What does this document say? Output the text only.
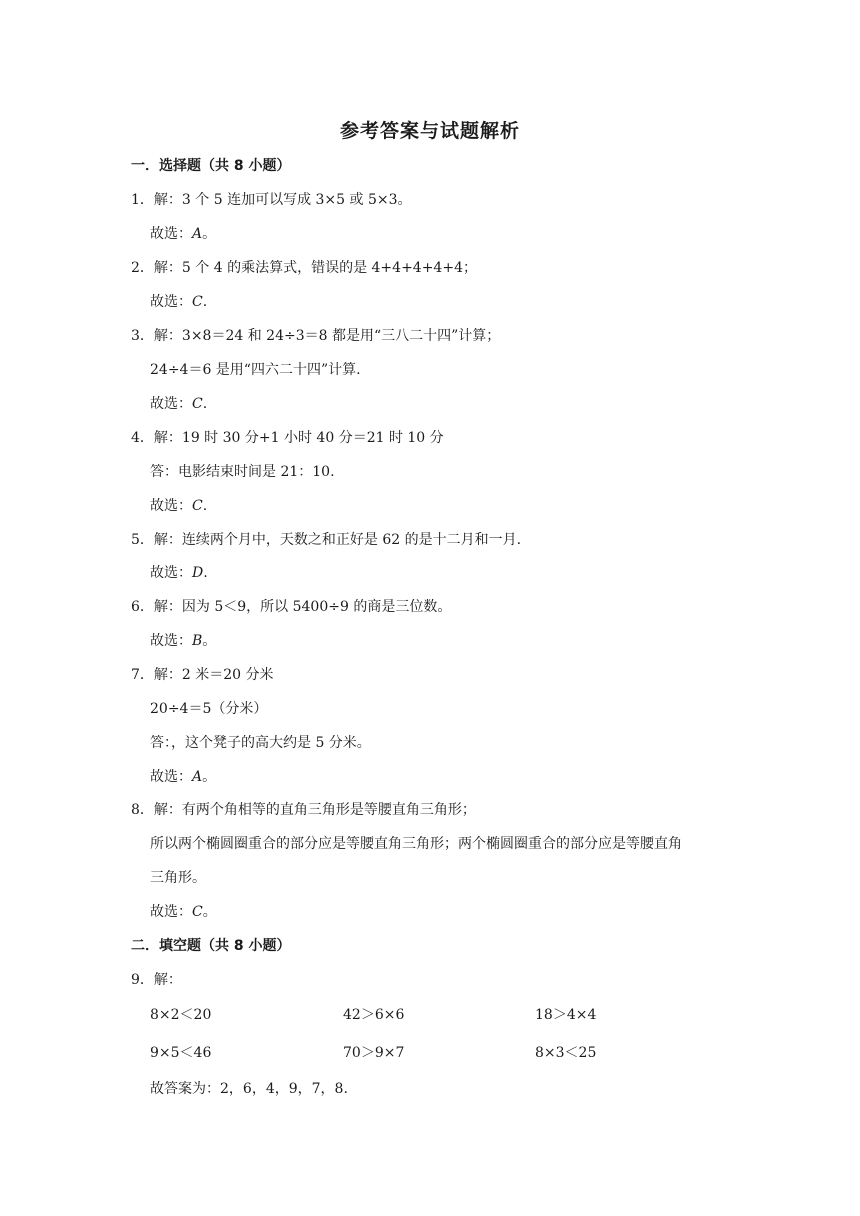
参考答案与试题解析
一．选择题（共 8 小题）
1．解：3 个 5 连加可以写成 3×5 或 5×3。
故选：A。
2．解：5 个 4 的乘法算式，错误的是 4+4+4+4+4；
故选：C.
3．解：3×8＝24 和 24÷3＝8 都是用“三八二十四”计算；
24÷4＝6 是用“四六二十四”计算.
故选：C.
4．解：19 时 30 分+1 小时 40 分＝21 时 10 分
答：电影结束时间是 21：10.
故选：C.
5．解：连续两个月中，天数之和正好是 62 的是十二月和一月.
故选：D.
6．解：因为 5＜9，所以 5400÷9 的商是三位数。
故选：B。
7．解：2 米＝20 分米
20÷4＝5（分米）
答：，这个凳子的高大约是 5 分米。
故选：A。
8．解：有两个角相等的直角三角形是等腰直角三角形；
所以两个椭圆圈重合的部分应是等腰直角三角形；两个椭圆圈重合的部分应是等腰直角
三角形。
故选：C。
二．填空题（共 8 小题）
9．解：
8×2＜20	42＞6×6	18＞4×4
9×5＜46	70＞9×7	8×3＜25
故答案为：2，6，4，9，7，8.
